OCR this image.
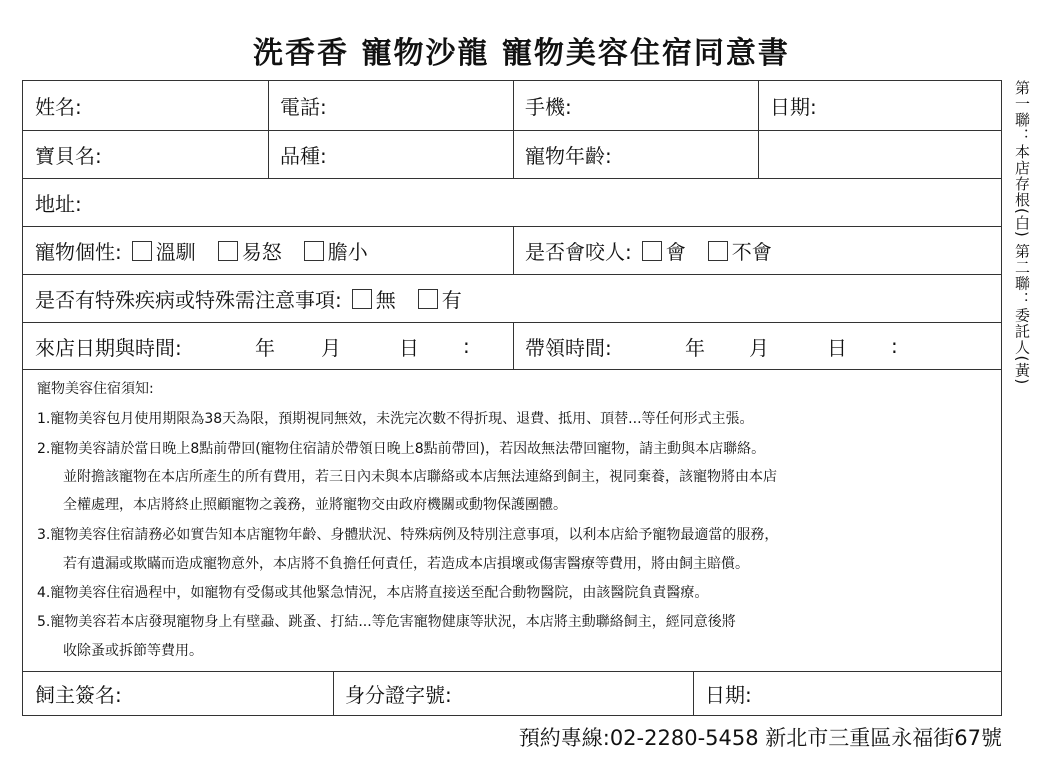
洗香香 寵物沙龍 寵物美容住宿同意書
姓名:	電話:	手機:	日期:
寶貝名:	品種:	寵物年齡:
地址:
寵物個性: 溫馴 易怒 膽小	是否會咬人: 會 不會
是否有特殊疾病或特殊需注意事項: 無 有
來店日期與時間:	年	月	日	:	帶領時間:	年	月	日	:
寵物美容住宿須知:
1.寵物美容包月使用期限為38天為限，預期視同無效，未洗完次數不得折現、退費、抵用、頂替...等任何形式主張。
2.寵物美容請於當日晚上8點前帶回(寵物住宿請於帶領日晚上8點前帶回)，若因故無法帶回寵物，請主動與本店聯絡。
並附擔該寵物在本店所產生的所有費用，若三日內未與本店聯絡或本店無法連絡到飼主，視同棄養，該寵物將由本店
全權處理，本店將終止照顧寵物之義務，並將寵物交由政府機關或動物保護團體。
3.寵物美容住宿請務必如實告知本店寵物年齡、身體狀況、特殊病例及特別注意事項，以利本店給予寵物最適當的服務，
若有遺漏或欺瞞而造成寵物意外，本店將不負擔任何責任，若造成本店損壞或傷害醫療等費用，將由飼主賠償。
4.寵物美容住宿過程中，如寵物有受傷或其他緊急情況，本店將直接送至配合動物醫院，由該醫院負責醫療。
5.寵物美容若本店發現寵物身上有壁蝨、跳蚤、打結...等危害寵物健康等狀況，本店將主動聯絡飼主，經同意後將
收除蚤或拆節等費用。
飼主簽名:	身分證字號:	日期:
第一聯：本店存根(白) 第二聯：委託人(黃)
預約專線:02-2280-5458 新北市三重區永福街67號
